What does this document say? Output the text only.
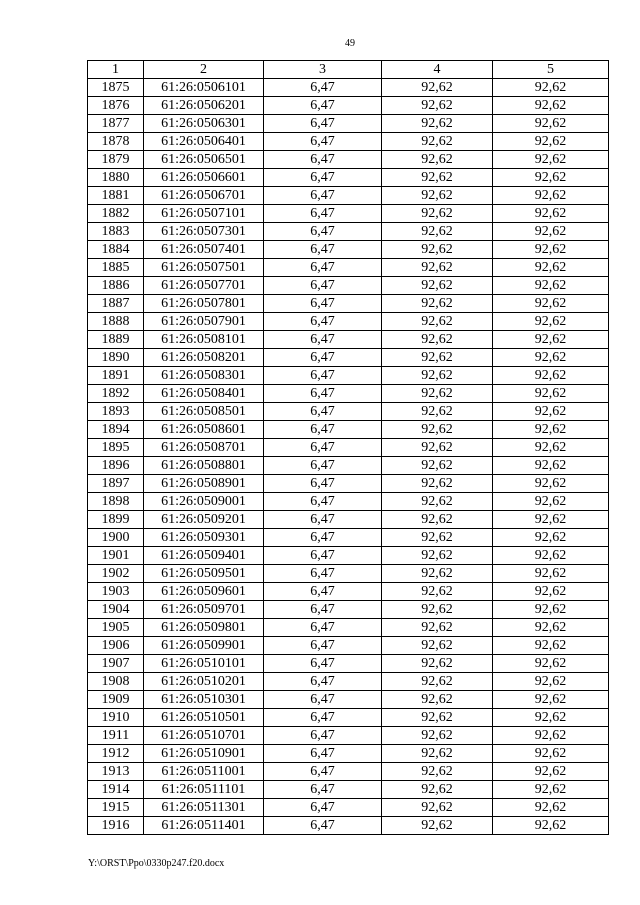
49
1	2	3	4	5
1875	61:26:0506101	6,47	92,62	92,62
1876	61:26:0506201	6,47	92,62	92,62
1877	61:26:0506301	6,47	92,62	92,62
1878	61:26:0506401	6,47	92,62	92,62
1879	61:26:0506501	6,47	92,62	92,62
1880	61:26:0506601	6,47	92,62	92,62
1881	61:26:0506701	6,47	92,62	92,62
1882	61:26:0507101	6,47	92,62	92,62
1883	61:26:0507301	6,47	92,62	92,62
1884	61:26:0507401	6,47	92,62	92,62
1885	61:26:0507501	6,47	92,62	92,62
1886	61:26:0507701	6,47	92,62	92,62
1887	61:26:0507801	6,47	92,62	92,62
1888	61:26:0507901	6,47	92,62	92,62
1889	61:26:0508101	6,47	92,62	92,62
1890	61:26:0508201	6,47	92,62	92,62
1891	61:26:0508301	6,47	92,62	92,62
1892	61:26:0508401	6,47	92,62	92,62
1893	61:26:0508501	6,47	92,62	92,62
1894	61:26:0508601	6,47	92,62	92,62
1895	61:26:0508701	6,47	92,62	92,62
1896	61:26:0508801	6,47	92,62	92,62
1897	61:26:0508901	6,47	92,62	92,62
1898	61:26:0509001	6,47	92,62	92,62
1899	61:26:0509201	6,47	92,62	92,62
1900	61:26:0509301	6,47	92,62	92,62
1901	61:26:0509401	6,47	92,62	92,62
1902	61:26:0509501	6,47	92,62	92,62
1903	61:26:0509601	6,47	92,62	92,62
1904	61:26:0509701	6,47	92,62	92,62
1905	61:26:0509801	6,47	92,62	92,62
1906	61:26:0509901	6,47	92,62	92,62
1907	61:26:0510101	6,47	92,62	92,62
1908	61:26:0510201	6,47	92,62	92,62
1909	61:26:0510301	6,47	92,62	92,62
1910	61:26:0510501	6,47	92,62	92,62
1911	61:26:0510701	6,47	92,62	92,62
1912	61:26:0510901	6,47	92,62	92,62
1913	61:26:0511001	6,47	92,62	92,62
1914	61:26:0511101	6,47	92,62	92,62
1915	61:26:0511301	6,47	92,62	92,62
1916	61:26:0511401	6,47	92,62	92,62
Y:\ORST\Ppo\0330p247.f20.docx
